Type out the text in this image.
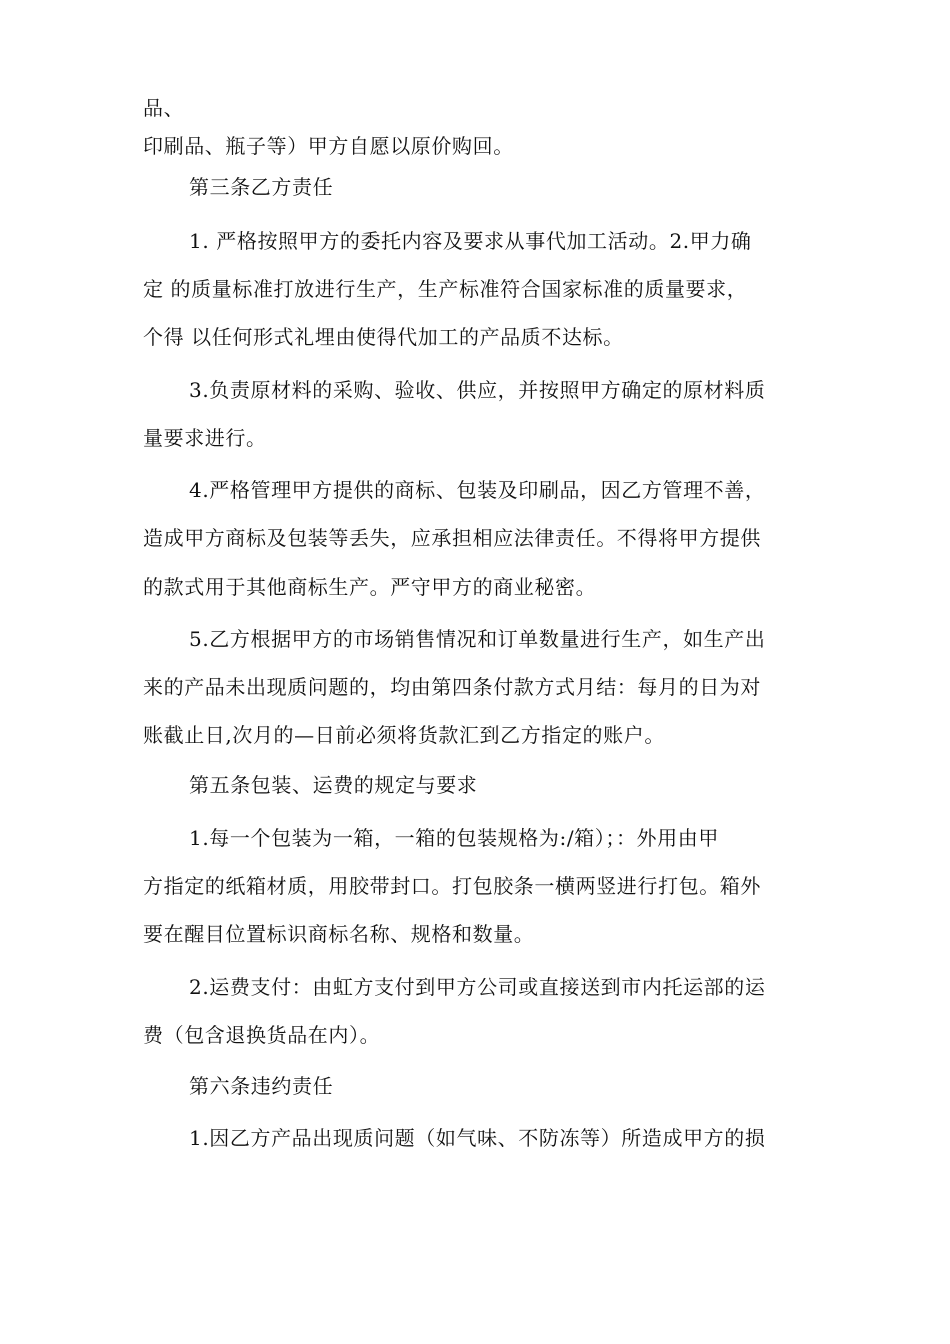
品、
印刷品、瓶子等）甲方自愿以原价购回。
第三条乙方责任
1. 严格按照甲方的委托内容及要求从事代加工活动。2.甲力确
定 的质量标准打放进行生产，生产标准符合国家标准的质量要求，
个得 以任何形式礼埋由使得代加工的产品质不达标。
3.负责原材料的采购、验收、供应，并按照甲方确定的原材料质
量要求进行。
4.严格管理甲方提供的商标、包装及印刷品，因乙方管理不善，
造成甲方商标及包装等丢失，应承担相应法律责任。不得将甲方提供
的款式用于其他商标生产。严守甲方的商业秘密。
5.乙方根据甲方的市场销售情况和订单数量进行生产，如生产出
来的产品未出现质问题的，均由第四条付款方式月结：每月的日为对
账截止日,次月的—日前必须将货款汇到乙方指定的账户。
第五条包装、运费的规定与要求
1.每一个包装为一箱，一箱的包装规格为:/箱）；：外用由甲
方指定的纸箱材质，用胶带封口。打包胶条一横两竖进行打包。箱外
要在醒目位置标识商标名称、规格和数量。
2.运费支付：由虹方支付到甲方公司或直接送到市内托运部的运
费（包含退换货品在内）。
第六条违约责任
1.因乙方产品出现质问题（如气味、不防冻等）所造成甲方的损
